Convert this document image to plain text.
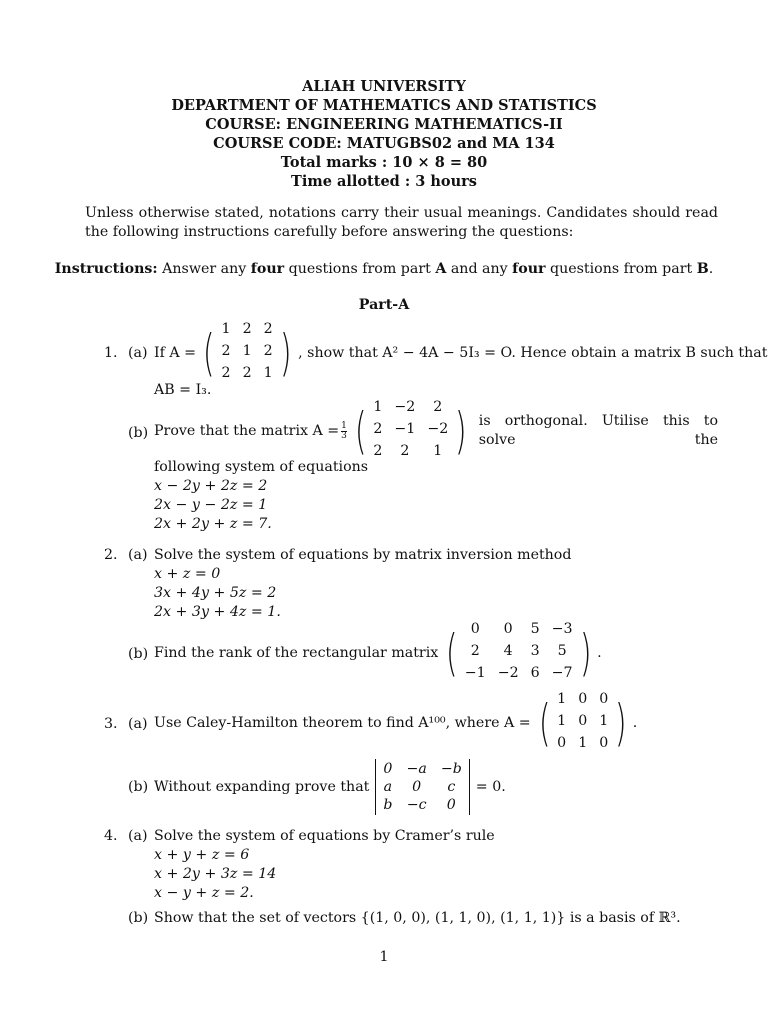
ALIAH UNIVERSITY
DEPARTMENT OF MATHEMATICS AND STATISTICS
COURSE: ENGINEERING MATHEMATICS-II
COURSE CODE: MATUGBS02 and MA 134
Total marks : 10 × 8 = 80
Time allotted : 3 hours
Unless otherwise stated, notations carry their usual meanings. Candidates should read the following instructions carefully before answering the questions:
Instructions: Answer any four questions from part A and any four questions from part B.
Part-A
1. (a) If A = ( 1 2 2
2 1 2
2 2 1 ) , show that A² − 4A − 5I₃ = O. Hence obtain a matrix B such that
AB = I₃.
(b) Prove that the matrix $A = \frac{1}{3}$ ( 1 −2	2
2 −1 −2
2	2	1 ) is orthogonal. Utilise this to solve the
following system of equations
x − 2y + 2z = 2
2x − y − 2z = 1
2x + 2y + z = 7.
2. (a) Solve the system of equations by matrix inversion method
x + z = 0
3x + 4y + 5z = 2
2x + 3y + 4z = 1.
(b) Find the rank of the rectangular matrix ( 0	0	5 −3
2	4	3	5
−1 −2 6 −7 ) .
3. (a) Use Caley-Hamilton theorem to find A¹⁰⁰, where A = ( 1 0 0
1 0 1
0 1 0 ) .
(b) Without expanding prove that
0 −a −b
a	0	c
b −c	0
= 0.
4. (a) Solve the system of equations by Cramer’s rule
x + y + z = 6
x + 2y + 3z = 14
x − y + z = 2.
(b) Show that the set of vectors {(1, 0, 0), (1, 1, 0), (1, 1, 1)} is a basis of ℝ³.
1
